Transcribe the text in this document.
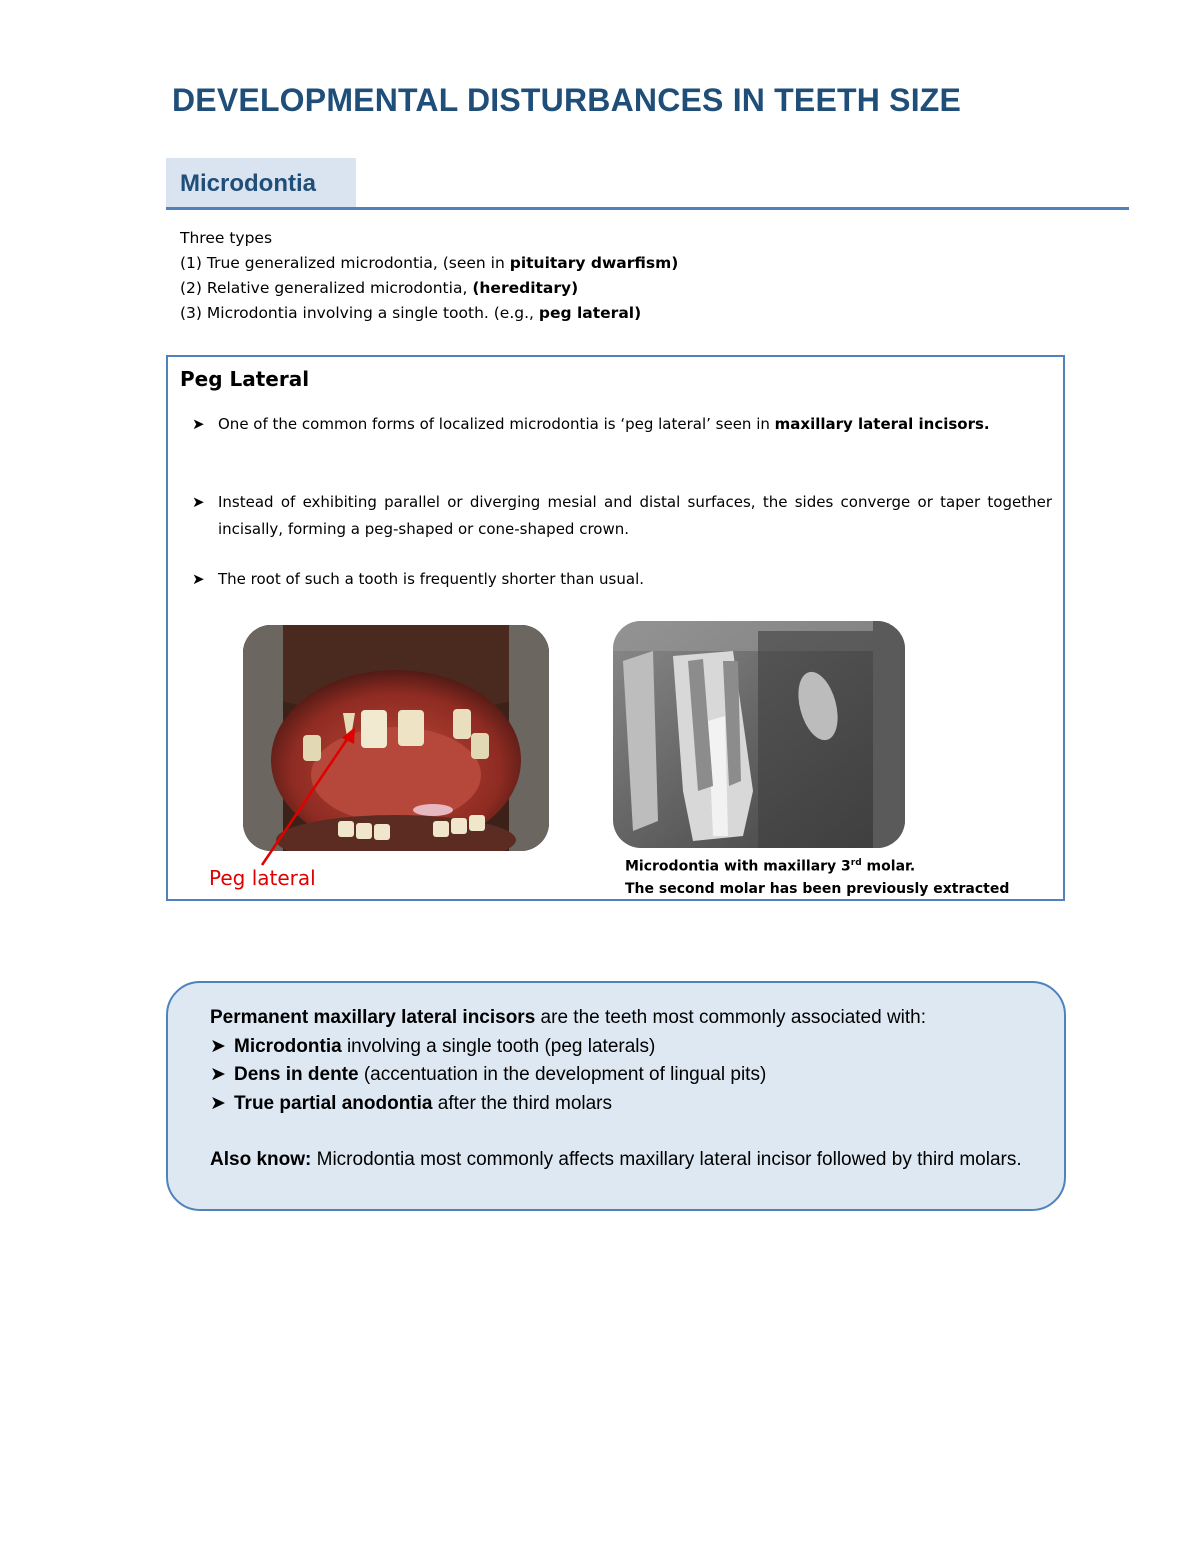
DEVELOPMENTAL DISTURBANCES IN TEETH SIZE
Microdontia
Three types
(1) True generalized microdontia, (seen in pituitary dwarfism)
(2) Relative generalized microdontia, (hereditary)
(3) Microdontia involving a single tooth. (e.g., peg lateral)
Peg Lateral
➤ One of the common forms of localized microdontia is ‘peg lateral’ seen in maxillary lateral incisors.
➤ Instead of exhibiting parallel or diverging mesial and distal surfaces, the sides converge or taper together incisally, forming a peg-shaped or cone-shaped crown.
➤ The root of such a tooth is frequently shorter than usual.
Peg lateral	Microdontia with maxillary 3rd molar.
The second molar has been previously extracted
Permanent maxillary lateral incisors are the teeth most commonly associated with:
➤ Microdontia involving a single tooth (peg laterals)
➤ Dens in dente (accentuation in the development of lingual pits)
➤ True partial anodontia after the third molars
Also know: Microdontia most commonly affects maxillary lateral incisor followed by third molars.
